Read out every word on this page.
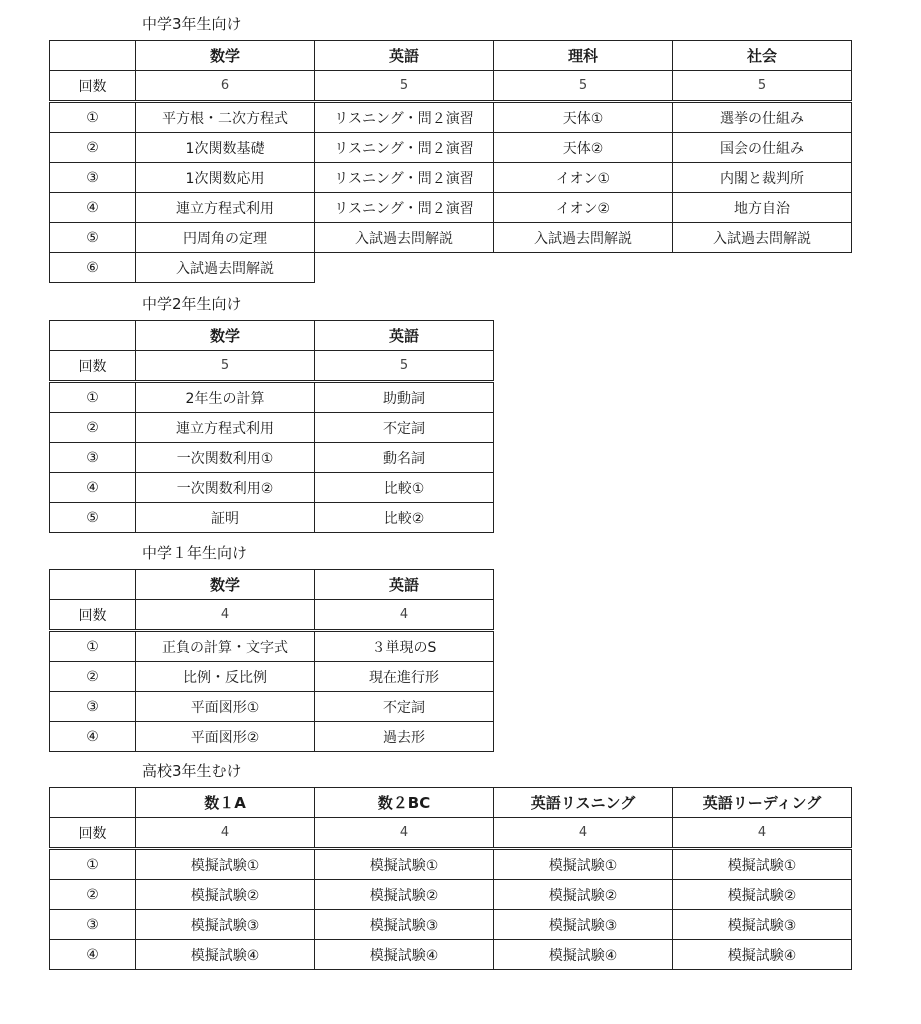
中学3年生向け
	数学	英語	理科	社会
回数	6	5	5	5
①	平方根・二次方程式	リスニング・問２演習	天体①	選挙の仕組み
②	1次関数基礎	リスニング・問２演習	天体②	国会の仕組み
③	1次関数応用	リスニング・問２演習	イオン①	内閣と裁判所
④	連立方程式利用	リスニング・問２演習	イオン②	地方自治
⑤	円周角の定理	入試過去問解説	入試過去問解説	入試過去問解説
⑥	入試過去問解説			
中学2年生向け
	数学	英語
回数	5	5
①	2年生の計算	助動詞
②	連立方程式利用	不定詞
③	一次関数利用①	動名詞
④	一次関数利用②	比較①
⑤	証明	比較②
中学１年生向け
	数学	英語
回数	4	4
①	正負の計算・文字式	３単現のS
②	比例・反比例	現在進行形
③	平面図形①	不定詞
④	平面図形②	過去形
高校3年生むけ
	数１A	数２BC	英語リスニング	英語リーディング
回数	4	4	4	4
①	模擬試験①	模擬試験①	模擬試験①	模擬試験①
②	模擬試験②	模擬試験②	模擬試験②	模擬試験②
③	模擬試験③	模擬試験③	模擬試験③	模擬試験③
④	模擬試験④	模擬試験④	模擬試験④	模擬試験④
